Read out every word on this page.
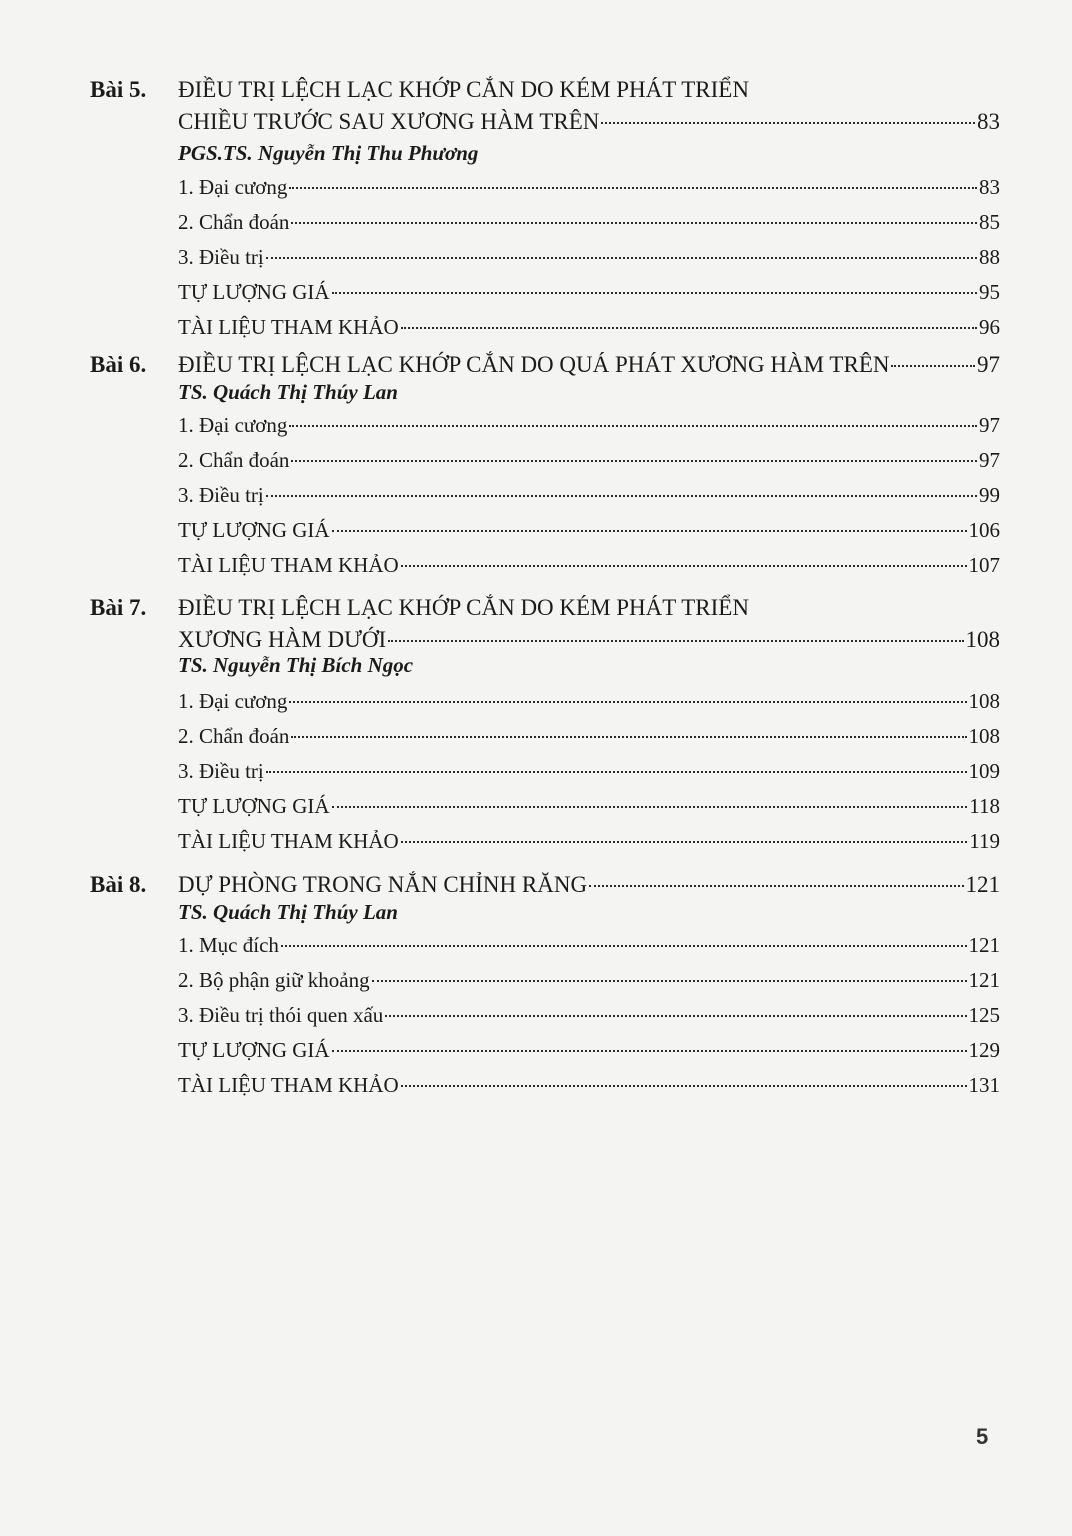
Bài 5.	ĐIỀU TRỊ LỆCH LẠC KHỚP CẮN DO KÉM PHÁT TRIỂN
CHIỀU TRƯỚC SAU XƯƠNG HÀM TRÊN	83
PGS.TS. Nguyễn Thị Thu Phương
1. Đại cương	83
2. Chẩn đoán	85
3. Điều trị	88
TỰ LƯỢNG GIÁ	95
TÀI LIỆU THAM KHẢO	96
Bài 6.	ĐIỀU TRỊ LỆCH LẠC KHỚP CẮN DO QUÁ PHÁT XƯƠNG HÀM TRÊN	97
TS. Quách Thị Thúy Lan
1. Đại cương	97
2. Chẩn đoán	97
3. Điều trị	99
TỰ LƯỢNG GIÁ	106
TÀI LIỆU THAM KHẢO	107
Bài 7.	ĐIỀU TRỊ LỆCH LẠC KHỚP CẮN DO KÉM PHÁT TRIỂN
XƯƠNG HÀM DƯỚI	108
TS. Nguyễn Thị Bích Ngọc
1. Đại cương	108
2. Chẩn đoán	108
3. Điều trị	109
TỰ LƯỢNG GIÁ	118
TÀI LIỆU THAM KHẢO	119
Bài 8.	DỰ PHÒNG TRONG NẮN CHỈNH RĂNG	121
TS. Quách Thị Thúy Lan
1. Mục đích	121
2. Bộ phận giữ khoảng	121
3. Điều trị thói quen xấu	125
TỰ LƯỢNG GIÁ	129
TÀI LIỆU THAM KHẢO	131
5
